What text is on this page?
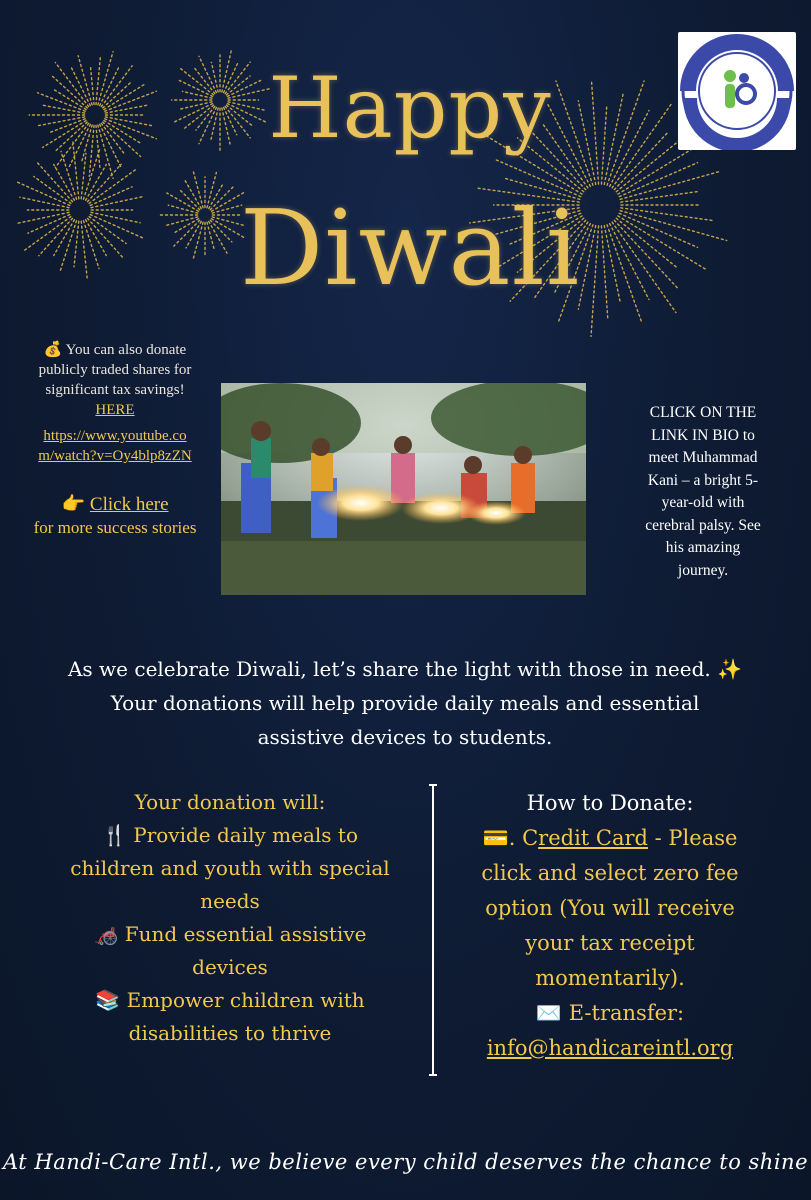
Happy
Diwali
💰 You can also donate
publicly traded shares for
significant tax savings!
HERE
https://www.youtube.co
m/watch?v=Oy4blp8zZN
👉 Click here
for more success stories
CLICK ON THE
LINK IN BIO to
meet Muhammad
Kani – a bright 5-
year-old with
cerebral palsy. See
his amazing
journey.
As we celebrate Diwali, let’s share the light with those in need. ✨
Your donations will help provide daily meals and essential
assistive devices to students.
Your donation will:
🍴 Provide daily meals to
children and youth with special
needs
🦽 Fund essential assistive
devices
📚 Empower children with
disabilities to thrive
How to Donate:
💳. Credit Card - Please
click and select zero fee
option (You will receive
your tax receipt
momentarily).
✉️ E-transfer:
info@handicareintl.org
At Handi-Care Intl., we believe every child deserves the chance to shine
